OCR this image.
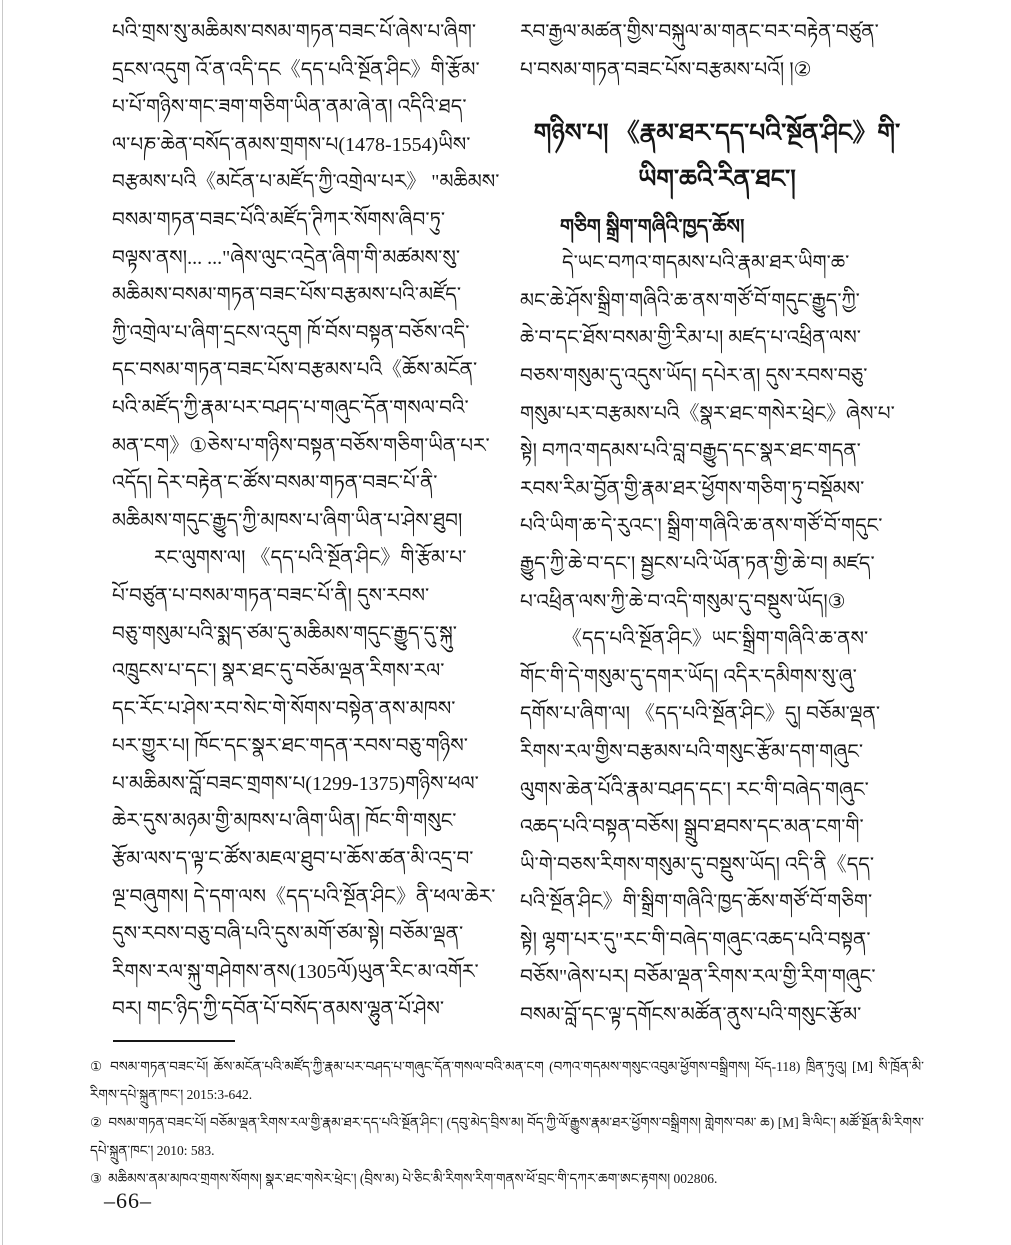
པའི་གྲས་སུ་མཆིམས་བསམ་གཏན་བཟང་པོ་ཞེས་པ་ཞིག་
དྲངས་འདུག འོ་ན་འདི་དང《དད་པའི་སྔོན་ཤིང》གི་རྩོམ་
པ་པོ་གཉིས་གང་ཟག་གཅིག་ཡིན་ནམ་ཞེ་ན། འདིའི་ཐད་
ལ་པཎ་ཆེན་བསོད་ནམས་གྲགས་པ(1478-1554)ཡིས་
བརྩམས་པའི《མངོན་པ་མཛོད་ཀྱི་འགྲེལ་པར》 "མཆིམས་
བསམ་གཏན་བཟང་པོའི་མཛོད་ཊིཀར་སོགས་ཞིབ་ཏུ་
བལྟས་ནས།... ..."ཞེས་ལུང་འདྲེན་ཞིག་གི་མཚམས་སུ་
མཆིམས་བསམ་གཏན་བཟང་པོས་བརྩམས་པའི་མཛོད་
ཀྱི་འགྲེལ་པ་ཞིག་དྲངས་འདུག ཁོ་བོས་བསྟན་བཅོས་འདི་
དང་བསམ་གཏན་བཟང་པོས་བརྩམས་པའི《ཆོས་མངོན་
པའི་མཛོད་ཀྱི་རྣམ་པར་བཤད་པ་གཞུང་དོན་གསལ་བའི་
མན་ངག》①ཅེས་པ་གཉིས་བསྟན་བཅོས་གཅིག་ཡིན་པར་
འདོད། དེར་བརྟེན་ང་ཚོས་བསམ་གཏན་བཟང་པོ་ནི་
མཆིམས་གདུང་རྒྱུད་ཀྱི་མཁས་པ་ཞིག་ཡིན་པ་ཤེས་ཐུབ།
རང་ལུགས་ལ། 《དད་པའི་སྔོན་ཤིང》གི་རྩོམ་པ་
པོ་བཙུན་པ་བསམ་གཏན་བཟང་པོ་ནི། དུས་རབས་
བཅུ་གསུམ་པའི་སྨད་ཙམ་དུ་མཆིམས་གདུང་རྒྱུད་དུ་སྐུ་
འཁྲུངས་པ་དང་། སྣར་ཐང་དུ་བཅོམ་ལྡན་རིགས་རལ་
དང་རོང་པ་ཤེས་རབ་སེང་གེ་སོགས་བསྟེན་ནས་མཁས་
པར་གྱུར་པ། ཁོང་དང་སྣར་ཐང་གདན་རབས་བཅུ་གཉིས་
པ་མཆིམས་བློ་བཟང་གྲགས་པ(1299-1375)གཉིས་ཕལ་
ཆེར་དུས་མཉམ་གྱི་མཁས་པ་ཞིག་ཡིན། ཁོང་གི་གསུང་
རྩོམ་ལས་ད་ལྟ་ང་ཚོས་མཇལ་ཐུབ་པ་ཆོས་ཚན་མི་འདྲ་བ་
ལྔ་བཞུགས། དེ་དག་ལས《དད་པའི་སྔོན་ཤིང》ནི་ཕལ་ཆེར་
དུས་རབས་བཅུ་བཞི་པའི་དུས་མགོ་ཙམ་སྟེ། བཅོམ་ལྡན་
རིགས་རལ་སྐུ་གཤེགས་ནས(1305ལོ)ཡུན་རིང་མ་འགོར་
བར། གང་ཉིད་ཀྱི་དབོན་པོ་བསོད་ནམས་ལྷུན་པོ་ཤེས་
རབ་རྒྱལ་མཚན་གྱིས་བསྐུལ་མ་གནང་བར་བརྟེན་བཙུན་
པ་བསམ་གཏན་བཟང་པོས་བརྩམས་པའོ། །②
གཉིས་པ། 《རྣམ་ཐར་དད་པའི་སྔོན་ཤིང》གི་
ཡིག་ཆའི་རིན་ཐང་།
གཅིག སྒྲིག་གཞིའི་ཁྱད་ཆོས།
དེ་ཡང་བཀའ་གདམས་པའི་རྣམ་ཐར་ཡིག་ཆ་
མང་ཆེ་ཤོས་སྒྲིག་གཞིའི་ཆ་ནས་གཙོ་བོ་གདུང་རྒྱུད་ཀྱི་
ཆེ་བ་དང་ཐོས་བསམ་གྱི་རིམ་པ། མཛད་པ་འཕྲིན་ལས་
བཅས་གསུམ་དུ་འདུས་ཡོད། དཔེར་ན། དུས་རབས་བཅུ་
གསུམ་པར་བརྩམས་པའི《སྣར་ཐང་གསེར་ཕྲེང》ཞེས་པ་
སྟེ། བཀའ་གདམས་པའི་བླ་བརྒྱུད་དང་སྣར་ཐང་གདན་
རབས་རིམ་བྱོན་གྱི་རྣམ་ཐར་ཕྱོགས་གཅིག་ཏུ་བསྡོམས་
པའི་ཡིག་ཆ་དེ་རུའང་། སྒྲིག་གཞིའི་ཆ་ནས་གཙོ་བོ་གདུང་
རྒྱུད་ཀྱི་ཆེ་བ་དང་། སྦྱངས་པའི་ཡོན་ཏན་གྱི་ཆེ་བ། མཛད་
པ་འཕྲིན་ལས་ཀྱི་ཆེ་བ་འདི་གསུམ་དུ་བསྡུས་ཡོད།③
《དད་པའི་སྔོན་ཤིང》ཡང་སྒྲིག་གཞིའི་ཆ་ནས་
གོང་གི་དེ་གསུམ་དུ་དགར་ཡོད། འདིར་དམིགས་སུ་ཞུ་
དགོས་པ་ཞིག་ལ། 《དད་པའི་སྔོན་ཤིང》དུ། བཅོམ་ལྡན་
རིགས་རལ་གྱིས་བརྩམས་པའི་གསུང་རྩོམ་དག་གཞུང་
ལུགས་ཆེན་པོའི་རྣམ་བཤད་དང་། རང་གི་བཞེད་གཞུང་
འཆད་པའི་བསྟན་བཅོས། སྒྲུབ་ཐབས་དང་མན་ངག་གི་
ཡི་གེ་བཅས་རིགས་གསུམ་དུ་བསྡུས་ཡོད། འདི་ནི《དད་
པའི་སྔོན་ཤིང》གི་སྒྲིག་གཞིའི་ཁྱད་ཆོས་གཙོ་བོ་གཅིག་
སྟེ། ལྷག་པར་དུ"རང་གི་བཞེད་གཞུང་འཆད་པའི་བསྟན་
བཅོས"ཞེས་པར། བཅོམ་ལྡན་རིགས་རལ་གྱི་རིག་གཞུང་
བསམ་བློ་དང་ལྟ་དགོངས་མཚོན་ནུས་པའི་གསུང་རྩོམ་
① བསམ་གཏན་བཟང་པོ། ཆོས་མངོན་པའི་མཛོད་ཀྱི་རྣམ་པར་བཤད་པ་གཞུང་དོན་གསལ་བའི་མན་ངག (བཀའ་གདམས་གསུང་འབུམ་ཕྱོགས་བསྒྲིགས། པོད-118) ཁྲིན་ཏུའུ། [M] སི་ཁྲོན་མི་རིགས་དཔེ་སྐྲུན་ཁང་། 2015:3-642.
② བསམ་གཏན་བཟང་པོ། བཅོམ་ལྡན་རིགས་རལ་གྱི་རྣམ་ཐར་དད་པའི་སྔོན་ཤིང་། (དབུ་མེད་བྲིས་མ། བོད་ཀྱི་ལོ་རྒྱུས་རྣམ་ཐར་ཕྱོགས་བསྒྲིགས། གླེགས་བམ་ ཆ) [M] ཟི་ལིང་། མཚོ་སྔོན་མི་རིགས་དཔེ་སྐྲུན་ཁང་། 2010: 583.
③ མཆིམས་ནམ་མཁའ་གྲགས་སོགས། སྣར་ཐང་གསེར་ཕྲེང་། (བྲིས་མ) པེ་ཅིང་མི་རིགས་རིག་གནས་ཕོ་བྲང་གི་དཀར་ཆག་ཨང་རྟགས། 002806.
–66–
